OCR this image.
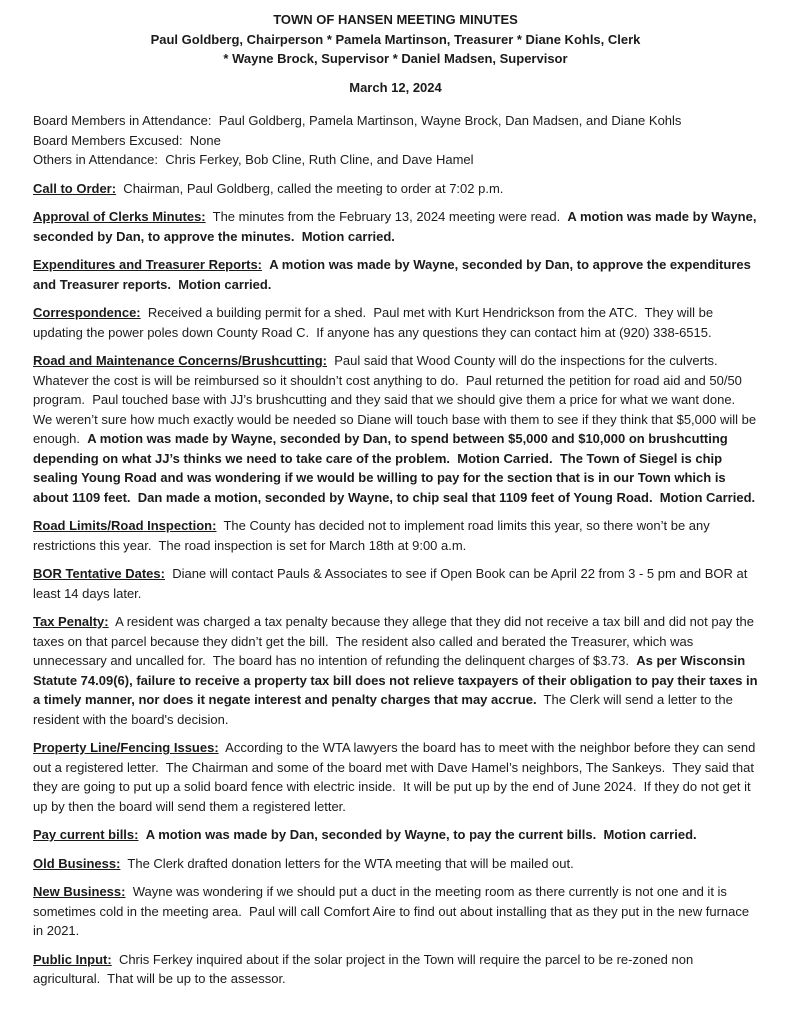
TOWN OF HANSEN MEETING MINUTES
Paul Goldberg, Chairperson * Pamela Martinson, Treasurer * Diane Kohls, Clerk
* Wayne Brock, Supervisor * Daniel Madsen, Supervisor
March 12, 2024
Board Members in Attendance:  Paul Goldberg, Pamela Martinson, Wayne Brock, Dan Madsen, and Diane Kohls
Board Members Excused:  None
Others in Attendance:  Chris Ferkey, Bob Cline, Ruth Cline, and Dave Hamel

Call to Order:  Chairman, Paul Goldberg, called the meeting to order at 7:02 p.m.

Approval of Clerks Minutes:  The minutes from the February 13, 2024 meeting were read.  A motion was made by Wayne, seconded by Dan, to approve the minutes.  Motion carried.

Expenditures and Treasurer Reports: A motion was made by Wayne, seconded by Dan, to approve the expenditures and Treasurer reports.  Motion carried.

Correspondence:  Received a building permit for a shed.  Paul met with Kurt Hendrickson from the ATC.  They will be updating the power poles down County Road C.  If anyone has any questions they can contact him at (920) 338-6515.

Road and Maintenance Concerns/Brushcutting:  Paul said that Wood County will do the inspections for the culverts.  Whatever the cost is will be reimbursed so it shouldn’t cost anything to do.  Paul returned the petition for road aid and 50/50 program.  Paul touched base with JJ’s brushcutting and they said that we should give them a price for what we want done.  We weren’t sure how much exactly would be needed so Diane will touch base with them to see if they think that $5,000 will be enough.  A motion was made by Wayne, seconded by Dan, to spend between $5,000 and $10,000 on brushcutting depending on what JJ’s thinks we need to take care of the problem.  Motion Carried.  The Town of Siegel is chip sealing Young Road and was wondering if we would be willing to pay for the section that is in our Town which is about 1109 feet.  Dan made a motion, seconded by Wayne, to chip seal that 1109 feet of Young Road.  Motion Carried.

Road Limits/Road Inspection:  The County has decided not to implement road limits this year, so there won’t be any restrictions this year.  The road inspection is set for March 18th at 9:00 a.m.

BOR Tentative Dates:  Diane will contact Pauls & Associates to see if Open Book can be April 22 from 3 - 5 pm and BOR at least 14 days later.

Tax Penalty:  A resident was charged a tax penalty because they allege that they did not receive a tax bill and did not pay the taxes on that parcel because they didn’t get the bill.  The resident also called and berated the Treasurer, which was unnecessary and uncalled for.  The board has no intention of refunding the delinquent charges of $3.73.  As per Wisconsin Statute 74.09(6), failure to receive a property tax bill does not relieve taxpayers of their obligation to pay their taxes in a timely manner, nor does it negate interest and penalty charges that may accrue.  The Clerk will send a letter to the resident with the board's decision.

Property Line/Fencing Issues:  According to the WTA lawyers the board has to meet with the neighbor before they can send out a registered letter.  The Chairman and some of the board met with Dave Hamel’s neighbors, The Sankeys.  They said that they are going to put up a solid board fence with electric inside.  It will be put up by the end of June 2024.  If they do not get it up by then the board will send them a registered letter.

Pay current bills: A motion was made by Dan, seconded by Wayne, to pay the current bills.  Motion carried.

Old Business:  The Clerk drafted donation letters for the WTA meeting that will be mailed out.

New Business:  Wayne was wondering if we should put a duct in the meeting room as there currently is not one and it is sometimes cold in the meeting area.  Paul will call Comfort Aire to find out about installing that as they put in the new furnace in 2021.

Public Input:  Chris Ferkey inquired about if the solar project in the Town will require the parcel to be re-zoned non agricultural.  That will be up to the assessor.
